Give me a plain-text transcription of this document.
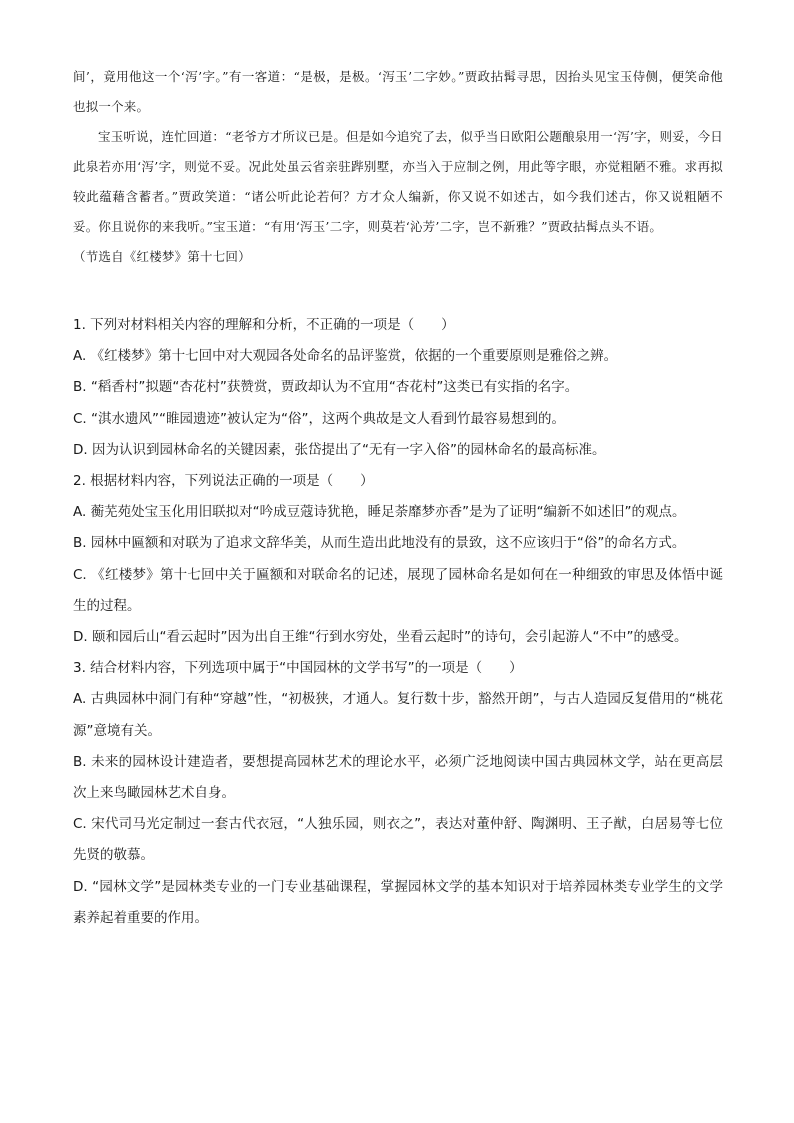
间’，竟用他这一个‘泻’字。”有一客道：“是极，是极。‘泻玉’二字妙。”贾政拈髯寻思，因抬头见宝玉侍侧，便笑命他也拟一个来。

宝玉听说，连忙回道：“老爷方才所议已是。但是如今追究了去，似乎当日欧阳公题酿泉用一‘泻’字，则妥，今日此泉若亦用‘泻’字，则觉不妥。况此处虽云省亲驻跸别墅，亦当入于应制之例，用此等字眼，亦觉粗陋不雅。求再拟较此蕴藉含蓄者。”贾政笑道：“诸公听此论若何？方才众人编新，你又说不如述古，如今我们述古，你又说粗陋不妥。你且说你的来我听。”宝玉道：“有用‘泻玉’二字，则莫若‘沁芳’二字，岂不新雅？”贾政拈髯点头不语。

（节选自《红楼梦》第十七回）

1. 下列对材料相关内容的理解和分析，不正确的一项是（　　）

A. 《红楼梦》第十七回中对大观园各处命名的品评鉴赏，依据的一个重要原则是雅俗之辨。

B. “稻香村”拟题“杏花村”获赞赏，贾政却认为不宜用“杏花村”这类已有实指的名字。

C. “淇水遗风”“睢园遗迹”被认定为“俗”，这两个典故是文人看到竹最容易想到的。

D. 因为认识到园林命名的关键因素，张岱提出了“无有一字入俗”的园林命名的最高标准。

2. 根据材料内容，下列说法正确的一项是（　　）

A. 蘅芜苑处宝玉化用旧联拟对“吟成豆蔻诗犹艳，睡足荼靡梦亦香”是为了证明“编新不如述旧”的观点。

B. 园林中匾额和对联为了追求文辞华美，从而生造出此地没有的景致，这不应该归于“俗”的命名方式。

C. 《红楼梦》第十七回中关于匾额和对联命名的记述，展现了园林命名是如何在一种细致的审思及体悟中诞生的过程。

D. 颐和园后山“看云起时”因为出自王维“行到水穷处，坐看云起时”的诗句，会引起游人“不中”的感受。

3. 结合材料内容，下列选项中属于“中国园林的文学书写”的一项是（　　）

A. 古典园林中洞门有种“穿越”性，“初极狭，才通人。复行数十步，豁然开朗”，与古人造园反复借用的“桃花源”意境有关。

B. 未来的园林设计建造者，要想提高园林艺术的理论水平，必须广泛地阅读中国古典园林文学，站在更高层次上来鸟瞰园林艺术自身。

C. 宋代司马光定制过一套古代衣冠，“人独乐园，则衣之”，表达对董仲舒、陶渊明、王子猷，白居易等七位先贤的敬慕。

D. “园林文学”是园林类专业的一门专业基础课程，掌握园林文学的基本知识对于培养园林类专业学生的文学素养起着重要的作用。
